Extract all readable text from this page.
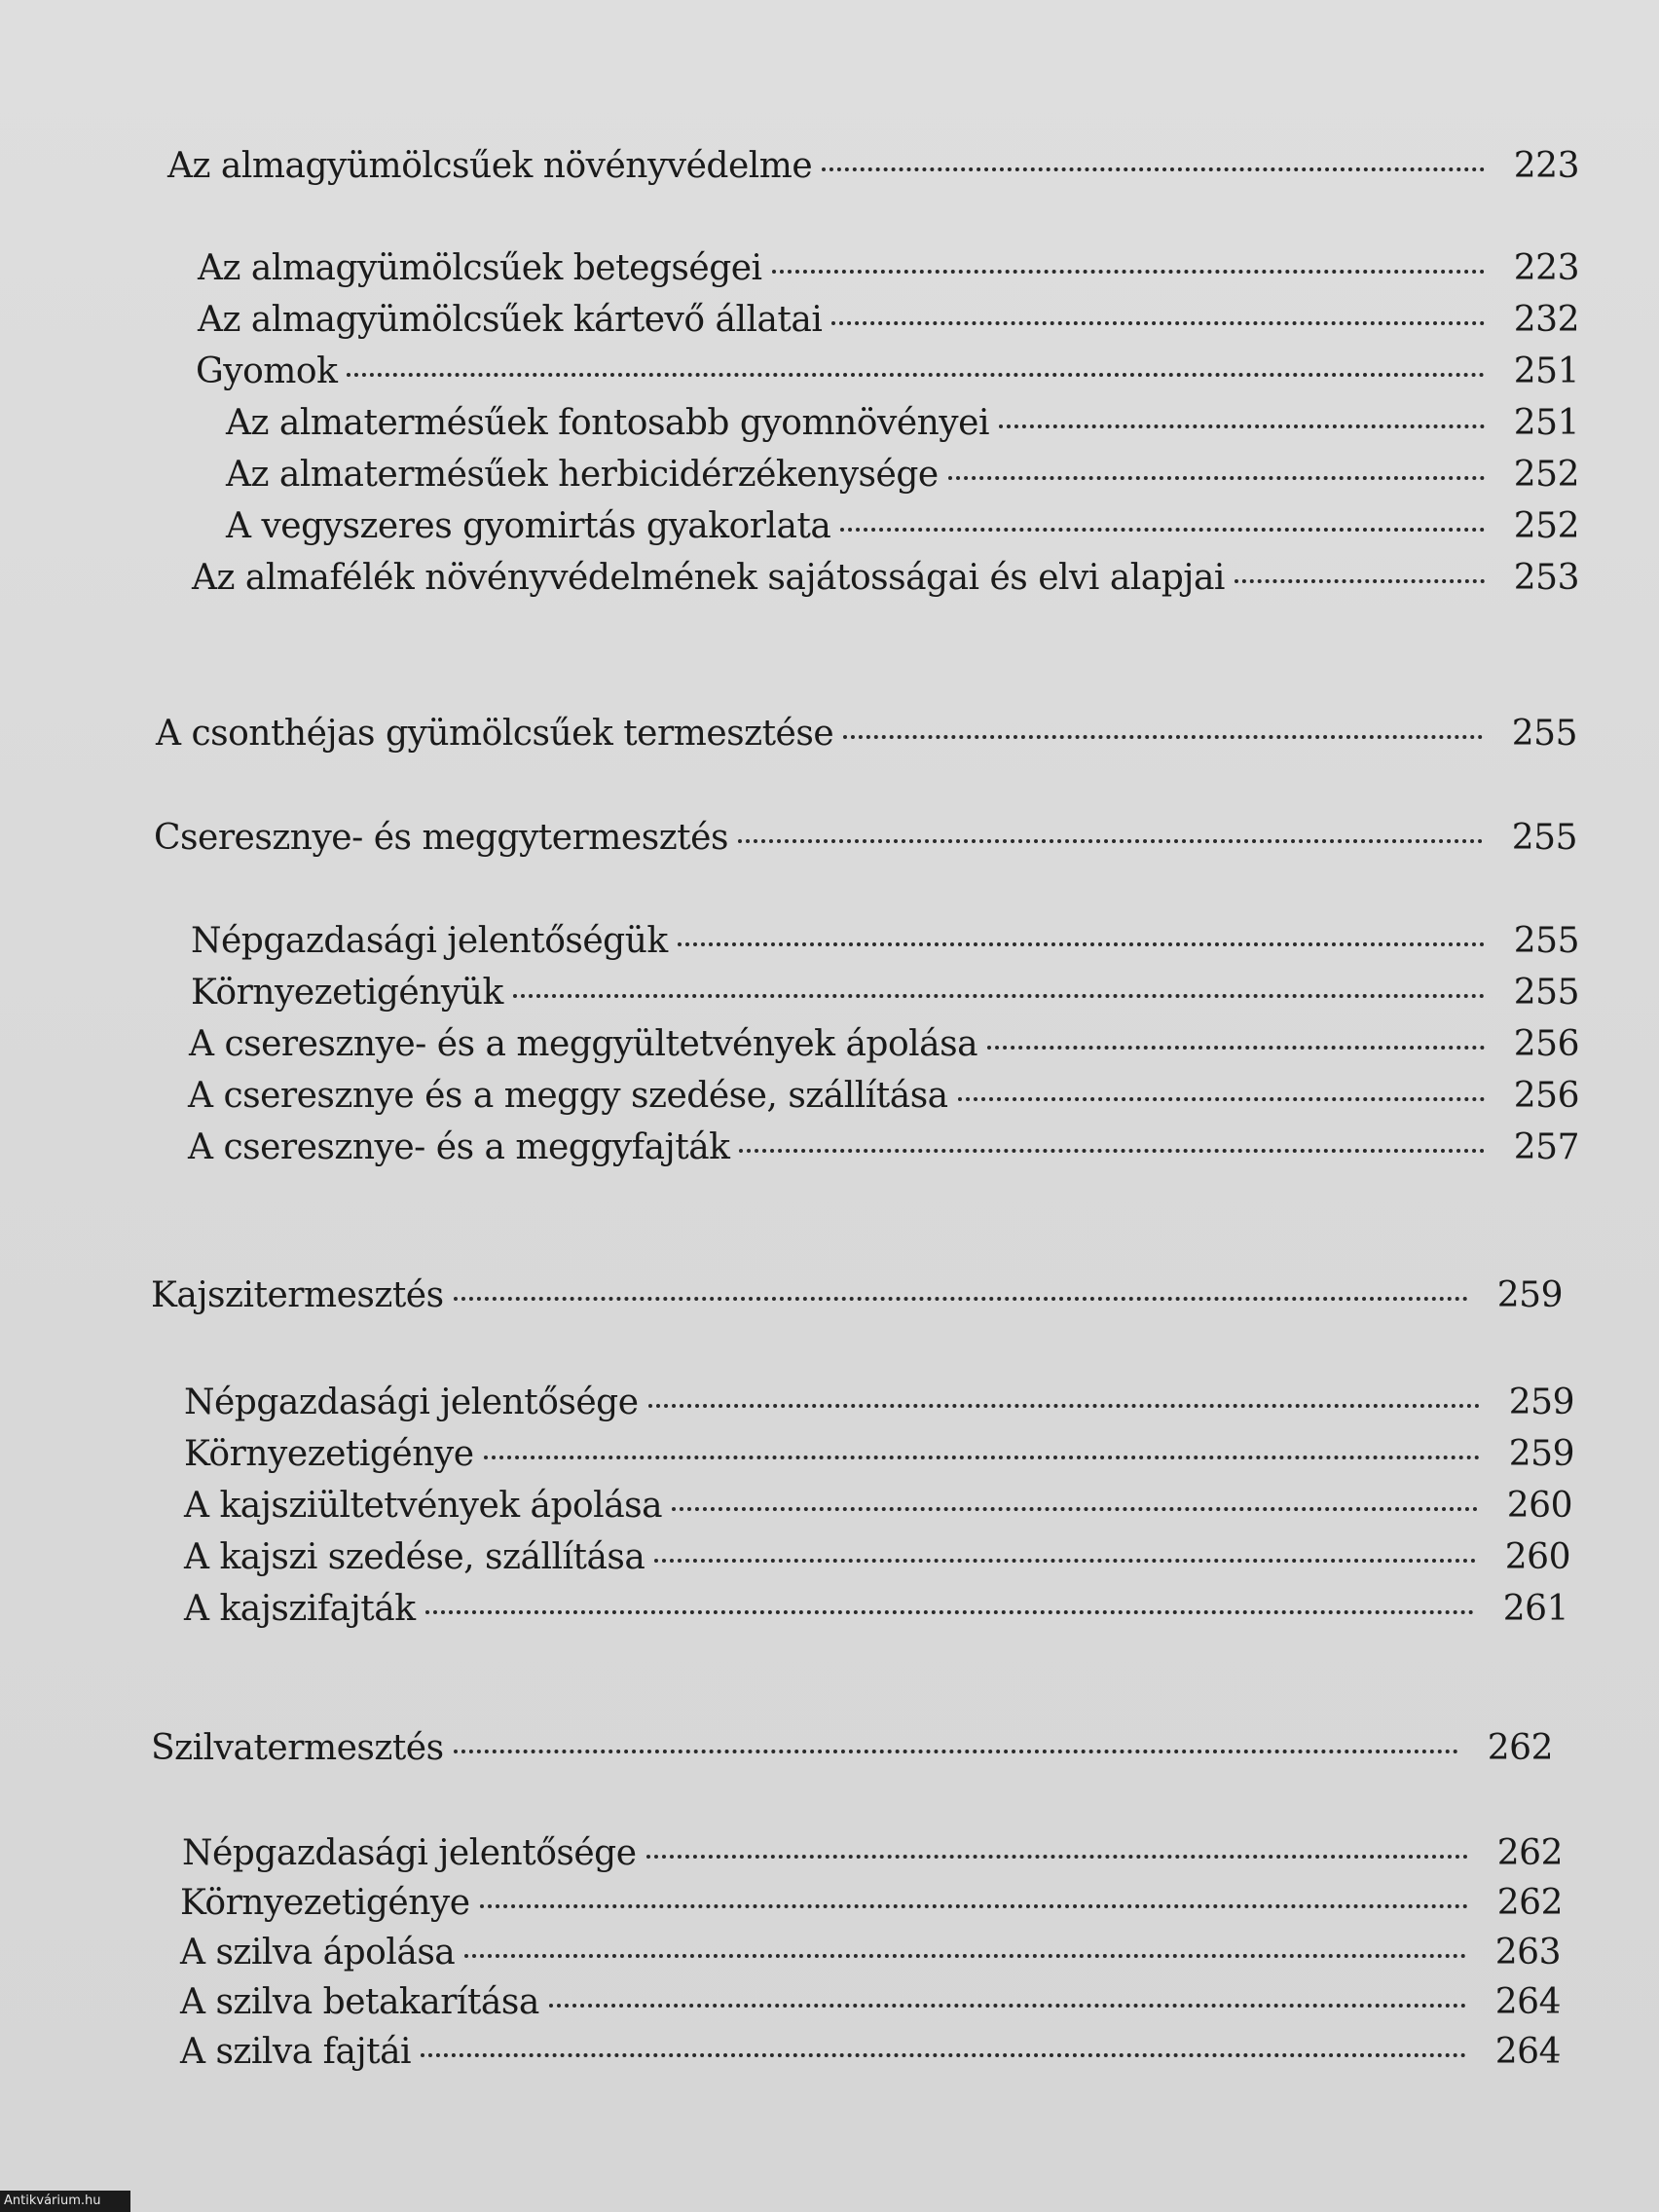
Az almagyümölcsűek növényvédelme	223
Az almagyümölcsűek betegségei	223
Az almagyümölcsűek kártevő állatai	232
Gyomok	251
Az almatermésűek fontosabb gyomnövényei	251
Az almatermésűek herbicidérzékenysége	252
A vegyszeres gyomirtás gyakorlata	252
Az almafélék növényvédelmének sajátosságai és elvi alapjai	253
A csonthéjas gyümölcsűek termesztése	255
Cseresznye- és meggytermesztés	255
Népgazdasági jelentőségük	255
Környezetigényük	255
A cseresznye- és a meggyültetvények ápolása	256
A cseresznye és a meggy szedése, szállítása	256
A cseresznye- és a meggyfajták	257
Kajszitermesztés	259
Népgazdasági jelentősége	259
Környezetigénye	259
A kajsziültetvények ápolása	260
A kajszi szedése, szállítása	260
A kajszifajták	261
Szilvatermesztés	262
Népgazdasági jelentősége	262
Környezetigénye	262
A szilva ápolása	263
A szilva betakarítása	264
A szilva fajtái	264
Antikvárium.hu
